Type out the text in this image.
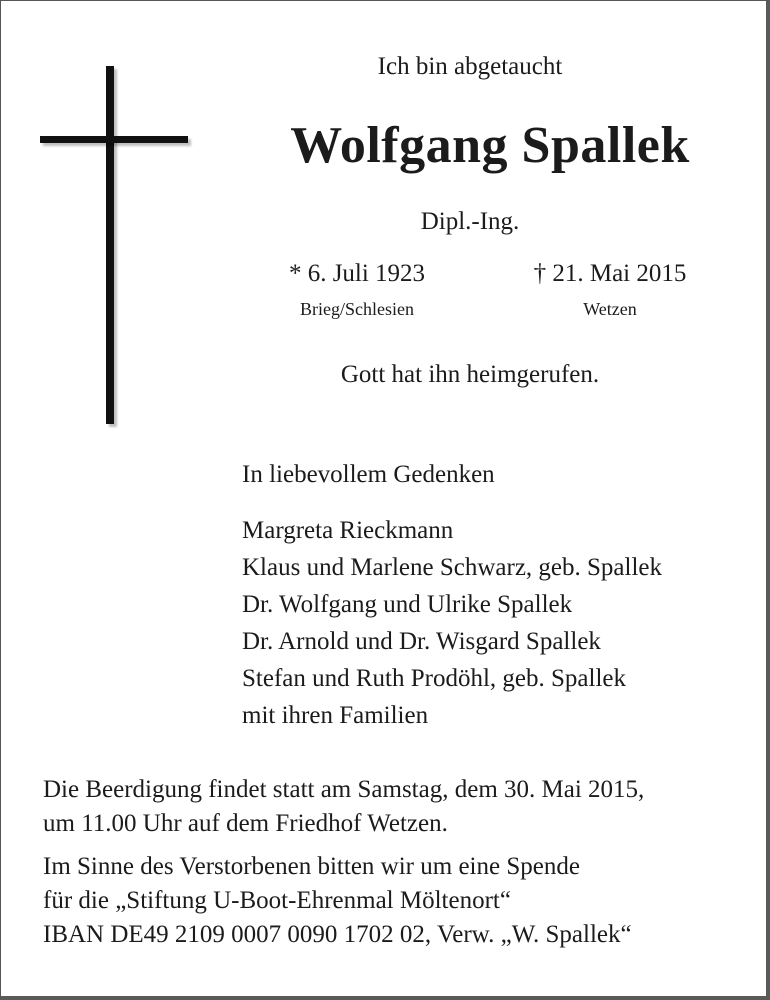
Ich bin abgetaucht
Wolfgang Spallek
Dipl.-Ing.
* 6. Juli 1923
Brieg/Schlesien
† 21. Mai 2015
Wetzen
Gott hat ihn heimgerufen.
In liebevollem Gedenken
Margreta Rieckmann
Klaus und Marlene Schwarz, geb. Spallek
Dr. Wolfgang und Ulrike Spallek
Dr. Arnold und Dr. Wisgard Spallek
Stefan und Ruth Prodöhl, geb. Spallek
mit ihren Familien

Die Beerdigung findet statt am Samstag, dem 30. Mai 2015,
um 11.00 Uhr auf dem Friedhof Wetzen.

Im Sinne des Verstorbenen bitten wir um eine Spende
für die „Stiftung U-Boot-Ehrenmal Möltenort“
IBAN DE49 2109 0007 0090 1702 02, Verw. „W. Spallek“
